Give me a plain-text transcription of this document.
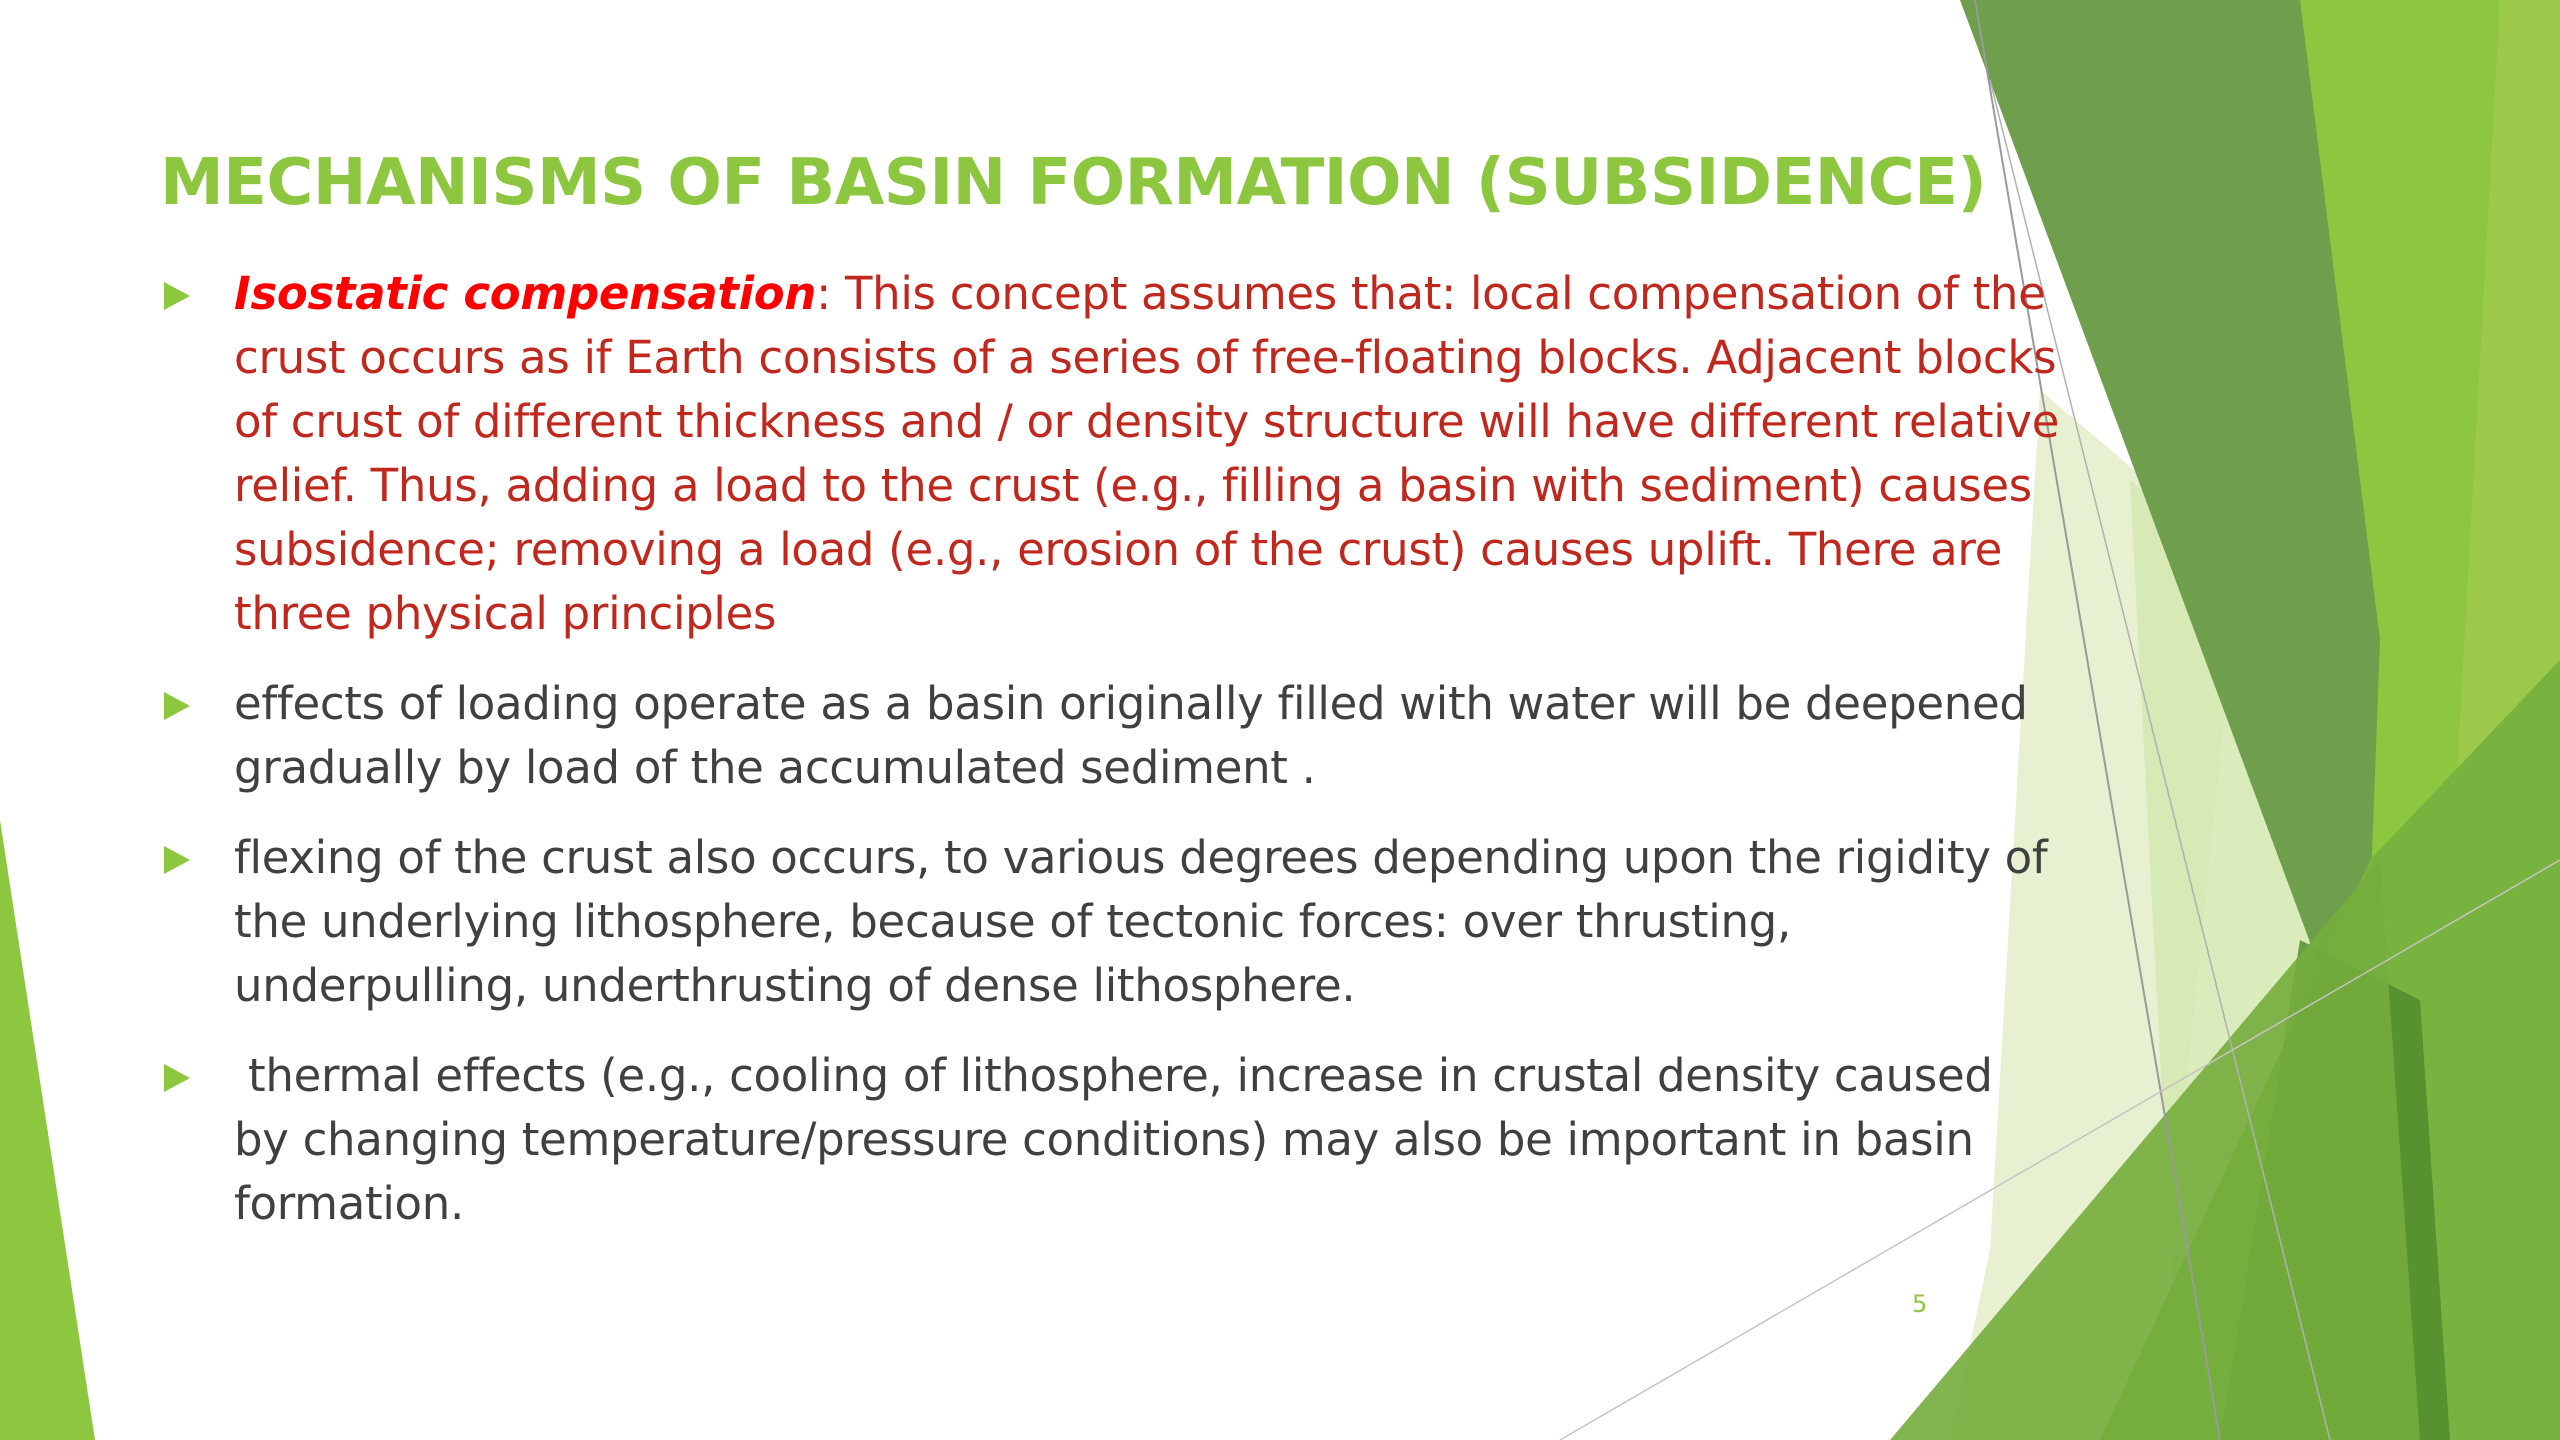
MECHANISMS OF BASIN FORMATION (SUBSIDENCE)
Isostatic compensation: This concept assumes that: local compensation of the crust occurs as if Earth consists of a series of free-floating blocks. Adjacent blocks of crust of different thickness and / or density structure will have different relative relief. Thus, adding a load to the crust (e.g., filling a basin with sediment) causes subsidence; removing a load (e.g., erosion of the crust) causes uplift. There are three physical principles
effects of loading operate as a basin originally filled with water will be deepened gradually by load of the accumulated sediment .
flexing of the crust also occurs, to various degrees depending upon the rigidity of the underlying lithosphere, because of tectonic forces: over thrusting, underpulling, underthrusting of dense lithosphere.
thermal effects (e.g., cooling of lithosphere, increase in crustal density caused by changing temperature/pressure conditions) may also be important in basin formation.
5
